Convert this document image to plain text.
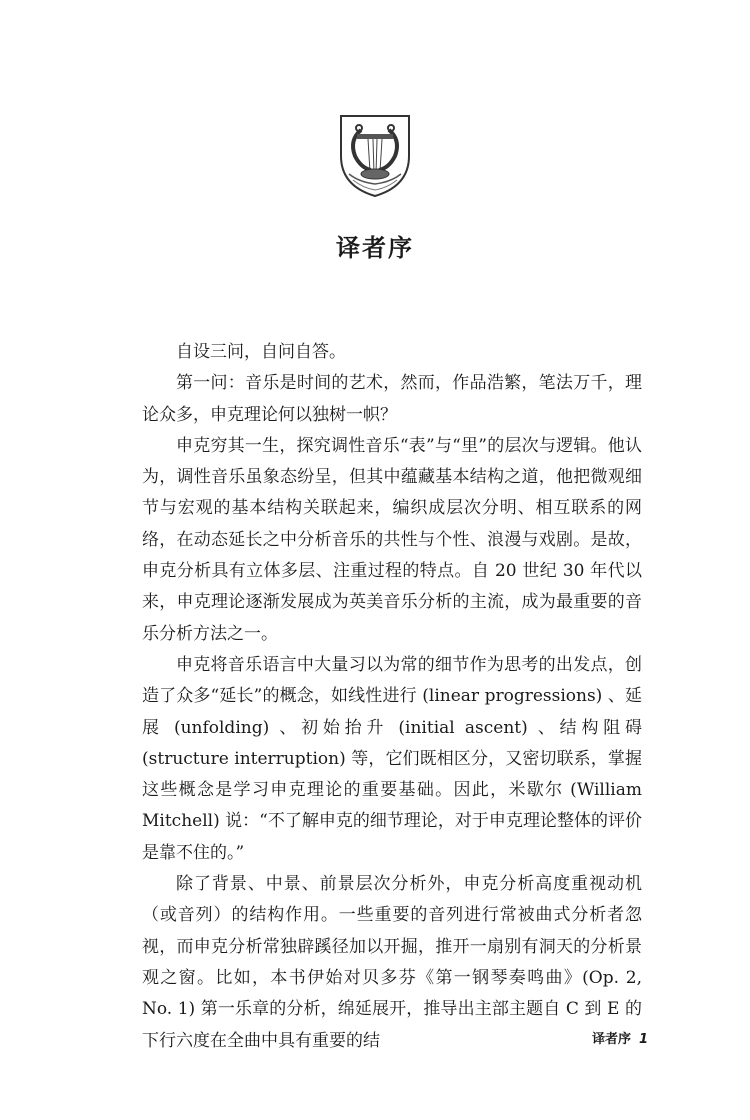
译者序

自设三问，自问自答。

第一问：音乐是时间的艺术，然而，作品浩繁，笔法万千，理论众多，申克理论何以独树一帜？

申克穷其一生，探究调性音乐“表”与“里”的层次与逻辑。他认为，调性音乐虽象态纷呈，但其中蕴藏基本结构之道，他把微观细节与宏观的基本结构关联起来，编织成层次分明、相互联系的网络，在动态延长之中分析音乐的共性与个性、浪漫与戏剧。是故，申克分析具有立体多层、注重过程的特点。自 20 世纪 30 年代以来，申克理论逐渐发展成为英美音乐分析的主流，成为最重要的音乐分析方法之一。

申克将音乐语言中大量习以为常的细节作为思考的出发点，创造了众多“延长”的概念，如线性进行 (linear progressions) 、延展 (unfolding) 、初始抬升 (initial ascent) 、结构阻碍 (structure interruption) 等，它们既相区分，又密切联系，掌握这些概念是学习申克理论的重要基础。因此，米歇尔 (William Mitchell) 说：“不了解申克的细节理论，对于申克理论整体的评价是靠不住的。”

除了背景、中景、前景层次分析外，申克分析高度重视动机（或音列）的结构作用。一些重要的音列进行常被曲式分析者忽视，而申克分析常独辟蹊径加以开掘，推开一扇别有洞天的分析景观之窗。比如，本书伊始对贝多芬《第一钢琴奏鸣曲》(Op. 2, No. 1) 第一乐章的分析，绵延展开，推导出主部主题自 C 到 E 的下行六度在全曲中具有重要的结	译者序 1
